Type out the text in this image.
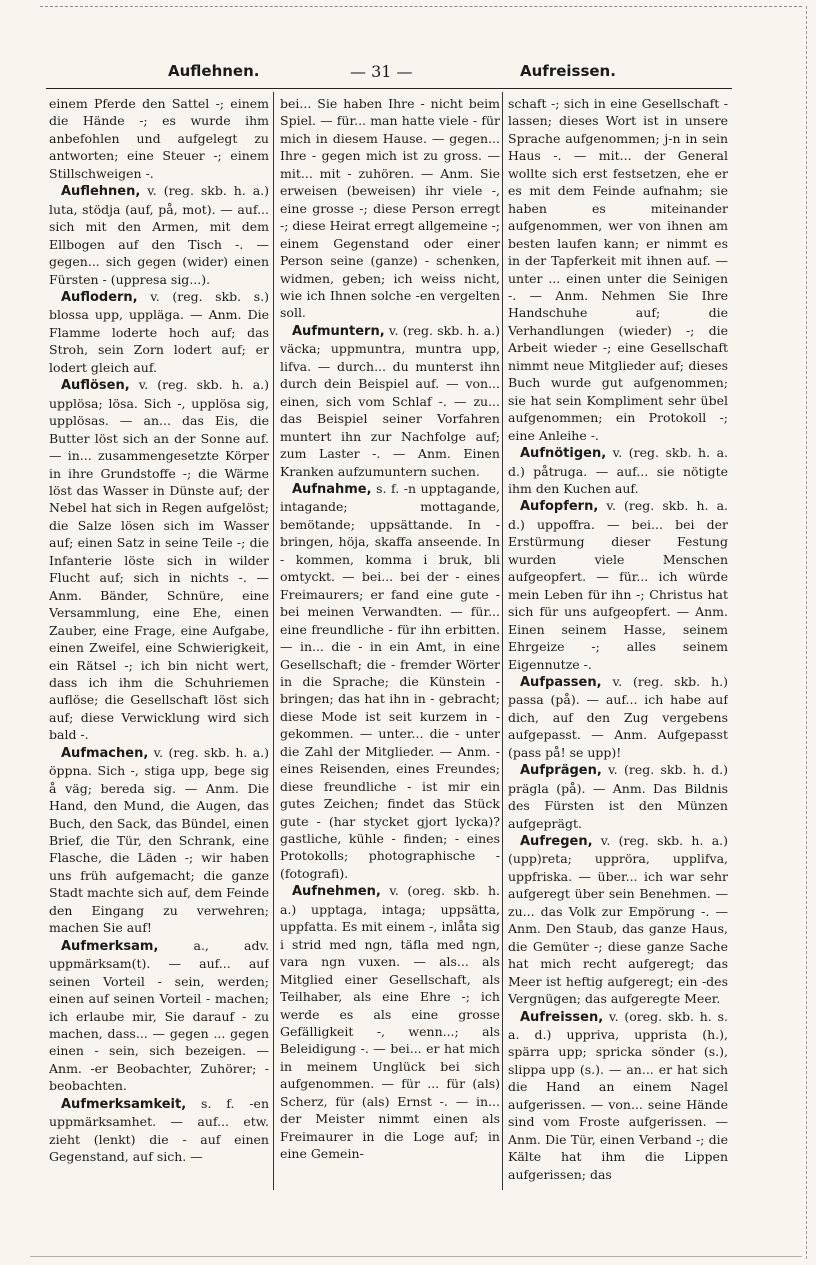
Auflehnen.	— 31 —	Aufreissen.

einem Pferde den Sattel -; einem die Hände -; es wurde ihm anbefohlen und aufgelegt zu antworten; eine Steuer -; einem Stillschweigen -.

Auflehnen, v. (reg. skb. h. a.) luta, stödja (auf, på, mot). — auf... sich mit den Armen, mit dem Ellbogen auf den Tisch -. — gegen... sich gegen (wider) einen Fürsten - (uppresa sig...).

Auflodern, v. (reg. skb. s.) blossa upp, uppläga. — Anm. Die Flamme loderte hoch auf; das Stroh, sein Zorn lodert auf; er lodert gleich auf.

Auflösen, v. (reg. skb. h. a.) upplösa; lösa. Sich -, upplösa sig, upplösas. — an... das Eis, die Butter löst sich an der Sonne auf. — in... zusammengesetzte Körper in ihre Grundstoffe -; die Wärme löst das Wasser in Dünste auf; der Nebel hat sich in Regen aufgelöst; die Salze lösen sich im Wasser auf; einen Satz in seine Teile -; die Infanterie löste sich in wilder Flucht auf; sich in nichts -. — Anm. Bänder, Schnüre, eine Versammlung, eine Ehe, einen Zauber, eine Frage, eine Aufgabe, einen Zweifel, eine Schwierigkeit, ein Rätsel -; ich bin nicht wert, dass ich ihm die Schuhriemen auflöse; die Gesellschaft löst sich auf; diese Verwicklung wird sich bald -.

Aufmachen, v. (reg. skb. h. a.) öppna. Sich -, stiga upp, bege sig å väg; bereda sig. — Anm. Die Hand, den Mund, die Augen, das Buch, den Sack, das Bündel, einen Brief, die Tür, den Schrank, eine Flasche, die Läden -; wir haben uns früh aufgemacht; die ganze Stadt machte sich auf, dem Feinde den Eingang zu verwehren; machen Sie auf!

Aufmerksam, a., adv. uppmärksam(t). — auf... auf seinen Vorteil - sein, werden; einen auf seinen Vorteil - machen; ich erlaube mir, Sie darauf - zu machen, dass... — gegen ... gegen einen - sein, sich bezeigen. — Anm. -er Beobachter, Zuhörer; - beobachten.

Aufmerksamkeit, s. f. -en uppmärksamhet. — auf... etw. zieht (lenkt) die - auf einen Gegenstand, auf sich. —

bei... Sie haben Ihre - nicht beim Spiel. — für... man hatte viele - für mich in diesem Hause. — gegen... Ihre - gegen mich ist zu gross. — mit... mit - zuhören. — Anm. Sie erweisen (beweisen) ihr viele -, eine grosse -; diese Person erregt -; diese Heirat erregt allgemeine -; einem Gegenstand oder einer Person seine (ganze) - schenken, widmen, geben; ich weiss nicht, wie ich Ihnen solche -en vergelten soll.

Aufmuntern, v. (reg. skb. h. a.) väcka; uppmuntra, muntra upp, lifva. — durch... du munterst ihn durch dein Beispiel auf. — von... einen, sich vom Schlaf -. — zu... das Beispiel seiner Vorfahren muntert ihn zur Nachfolge auf; zum Laster -. — Anm. Einen Kranken aufzumuntern suchen.

Aufnahme, s. f. -n upptagande, intagande; mottagande, bemötande; uppsättande. In - bringen, höja, skaffa anseende. In - kommen, komma i bruk, bli omtyckt. — bei... bei der - eines Freimaurers; er fand eine gute - bei meinen Verwandten. — für... eine freundliche - für ihn erbitten. — in... die - in ein Amt, in eine Gesellschaft; die - fremder Wörter in die Sprache; die Künstein - bringen; das hat ihn in - gebracht; diese Mode ist seit kurzem in - gekommen. — unter... die - unter die Zahl der Mitglieder. — Anm. - eines Reisenden, eines Freundes; diese freundliche - ist mir ein gutes Zeichen; findet das Stück gute - (har stycket gjort lycka)? gastliche, kühle - finden; - eines Protokolls; photographische - (fotografi).

Aufnehmen, v. (oreg. skb. h. a.) upptaga, intaga; uppsätta, uppfatta. Es mit einem -, inlåta sig i strid med ngn, täfla med ngn, vara ngn vuxen. — als... als Mitglied einer Gesellschaft, als Teilhaber, als eine Ehre -; ich werde es als eine grosse Gefälligkeit -, wenn...; als Beleidigung -. — bei... er hat mich in meinem Unglück bei sich aufgenommen. — für ... für (als) Scherz, für (als) Ernst -. — in... der Meister nimmt einen als Freimaurer in die Loge auf; in eine Gemein-

schaft -; sich in eine Gesellschaft - lassen; dieses Wort ist in unsere Sprache aufgenommen; j-n in sein Haus -. — mit... der General wollte sich erst festsetzen, ehe er es mit dem Feinde aufnahm; sie haben es miteinander aufgenommen, wer von ihnen am besten laufen kann; er nimmt es in der Tapferkeit mit ihnen auf. — unter ... einen unter die Seinigen -. — Anm. Nehmen Sie Ihre Handschuhe auf; die Verhandlungen (wieder) -; die Arbeit wieder -; eine Gesellschaft nimmt neue Mitglieder auf; dieses Buch wurde gut aufgenommen; sie hat sein Kompliment sehr übel aufgenommen; ein Protokoll -; eine Anleihe -.

Aufnötigen, v. (reg. skb. h. a. d.) påtruga. — auf... sie nötigte ihm den Kuchen auf.

Aufopfern, v. (reg. skb. h. a. d.) uppoffra. — bei... bei der Erstürmung dieser Festung wurden viele Menschen aufgeopfert. — für... ich würde mein Leben für ihn -; Christus hat sich für uns aufgeopfert. — Anm. Einen seinem Hasse, seinem Ehrgeize -; alles seinem Eigennutze -.

Aufpassen, v. (reg. skb. h.) passa (på). — auf... ich habe auf dich, auf den Zug vergebens aufgepasst. — Anm. Aufgepasst (pass på! se upp)!

Aufprägen, v. (reg. skb. h. d.) prägla (på). — Anm. Das Bildnis des Fürsten ist den Münzen aufgeprägt.

Aufregen, v. (reg. skb. h. a.) (upp)reta; uppröra, upplifva, uppfriska. — über... ich war sehr aufgeregt über sein Benehmen. — zu... das Volk zur Empörung -. — Anm. Den Staub, das ganze Haus, die Gemüter -; diese ganze Sache hat mich recht aufgeregt; das Meer ist heftig aufgeregt; ein -des Vergnügen; das aufgeregte Meer.

Aufreissen, v. (oreg. skb. h. s. a. d.) uppriva, upprista (h.), spärra upp; spricka sönder (s.), slippa upp (s.). — an... er hat sich die Hand an einem Nagel aufgerissen. — von... seine Hände sind vom Froste aufgerissen. — Anm. Die Tür, einen Verband -; die Kälte hat ihm die Lippen aufgerissen; das
